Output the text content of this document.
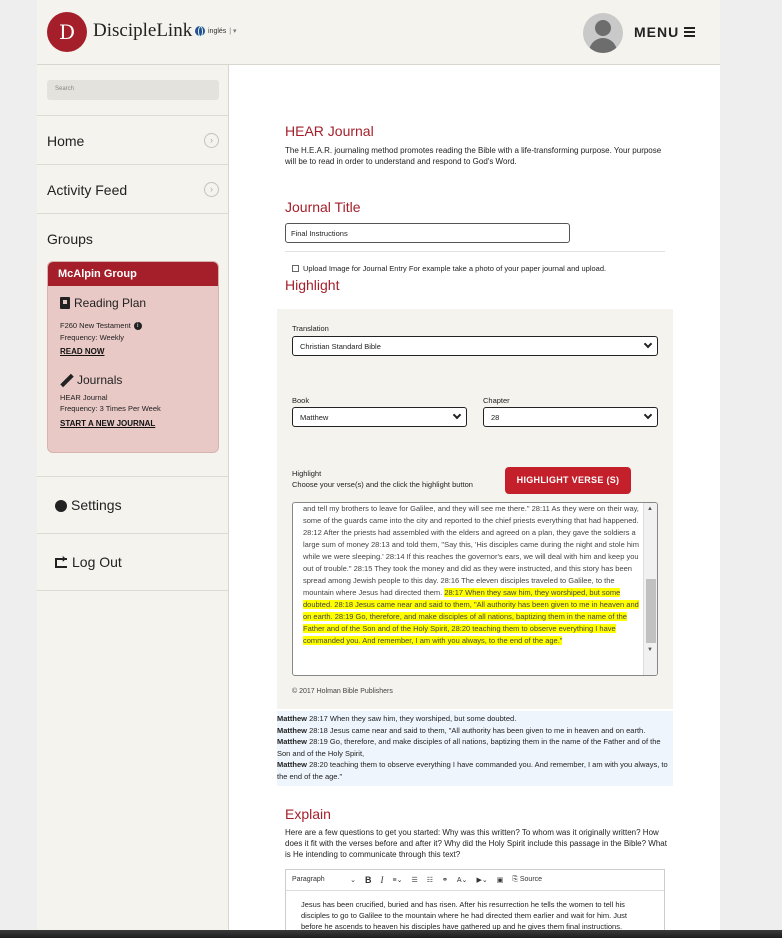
D DiscipleLink inglés | ▾	MENU
Search
Home	›
Activity Feed	›
Groups
McAlpin Group
Reading Plan
F260 New Testament i
Frequency: Weekly
READ NOW
Journals
HEAR Journal
Frequency: 3 Times Per Week
START A NEW JOURNAL
Settings
➜Log Out
HEAR Journal
The H.E.A.R. journaling method promotes reading the Bible with a life-transforming purpose. Your purpose will be to read in order to understand and respond to God's Word.
Journal Title
Final Instructions
Upload Image for Journal Entry For example take a photo of your paper journal and upload.
Highlight
Translation
Christian Standard Bible
Book
Matthew
Chapter
28
Highlight
Choose your verse(s) and the click the highlight button	HIGHLIGHT VERSE (S)
and tell my brothers to leave for Galilee, and they will see me there." 28:11 As they were on their way, some of the guards came into the city and reported to the chief priests everything that had happened. 28:12 After the priests had assembled with the elders and agreed on a plan, they gave the soldiers a large sum of money 28:13 and told them, "Say this, 'His disciples came during the night and stole him while we were sleeping.' 28:14 If this reaches the governor's ears, we will deal with him and keep you out of trouble." 28:15 They took the money and did as they were instructed, and this story has been spread among Jewish people to this day. 28:16 The eleven disciples traveled to Galilee, to the mountain where Jesus had directed them. 28:17 When they saw him, they worshiped, but some doubted. 28:18 Jesus came near and said to them, "All authority has been given to me in heaven and on earth. 28:19 Go, therefore, and make disciples of all nations, baptizing them in the name of the Father and of the Son and of the Holy Spirit, 28:20 teaching them to observe everything I have commanded you. And remember, I am with you always, to the end of the age."
▲
▼
© 2017 Holman Bible Publishers
Matthew 28:17 When they saw him, they worshiped, but some doubted.
Matthew 28:18 Jesus came near and said to them, "All authority has been given to me in heaven and on earth.
Matthew 28:19 Go, therefore, and make disciples of all nations, baptizing them in the name of the Father and of the Son and of the Holy Spirit,
Matthew 28:20 teaching them to observe everything I have commanded you. And remember, I am with you always, to the end of the age."
Explain
Here are a few questions to get you started: Why was this written? To whom was it originally written? How does it fit with the verses before and after it? Why did the Holy Spirit include this passage in the Bible? What is He intending to communicate through this text?
Paragraph	⌄ B I ≡⌄ ☰ ☷ ⚭ A⌄ ▶⌄ ▣ ⎘ Source
Jesus has been crucified, buried and has risen. After his resurrection he tells the women to tell his disciples to go to Galilee to the mountain where he had directed them earlier and wait for him. Just before he ascends to heaven his disciples have gathered up and he gives them final instructions.
